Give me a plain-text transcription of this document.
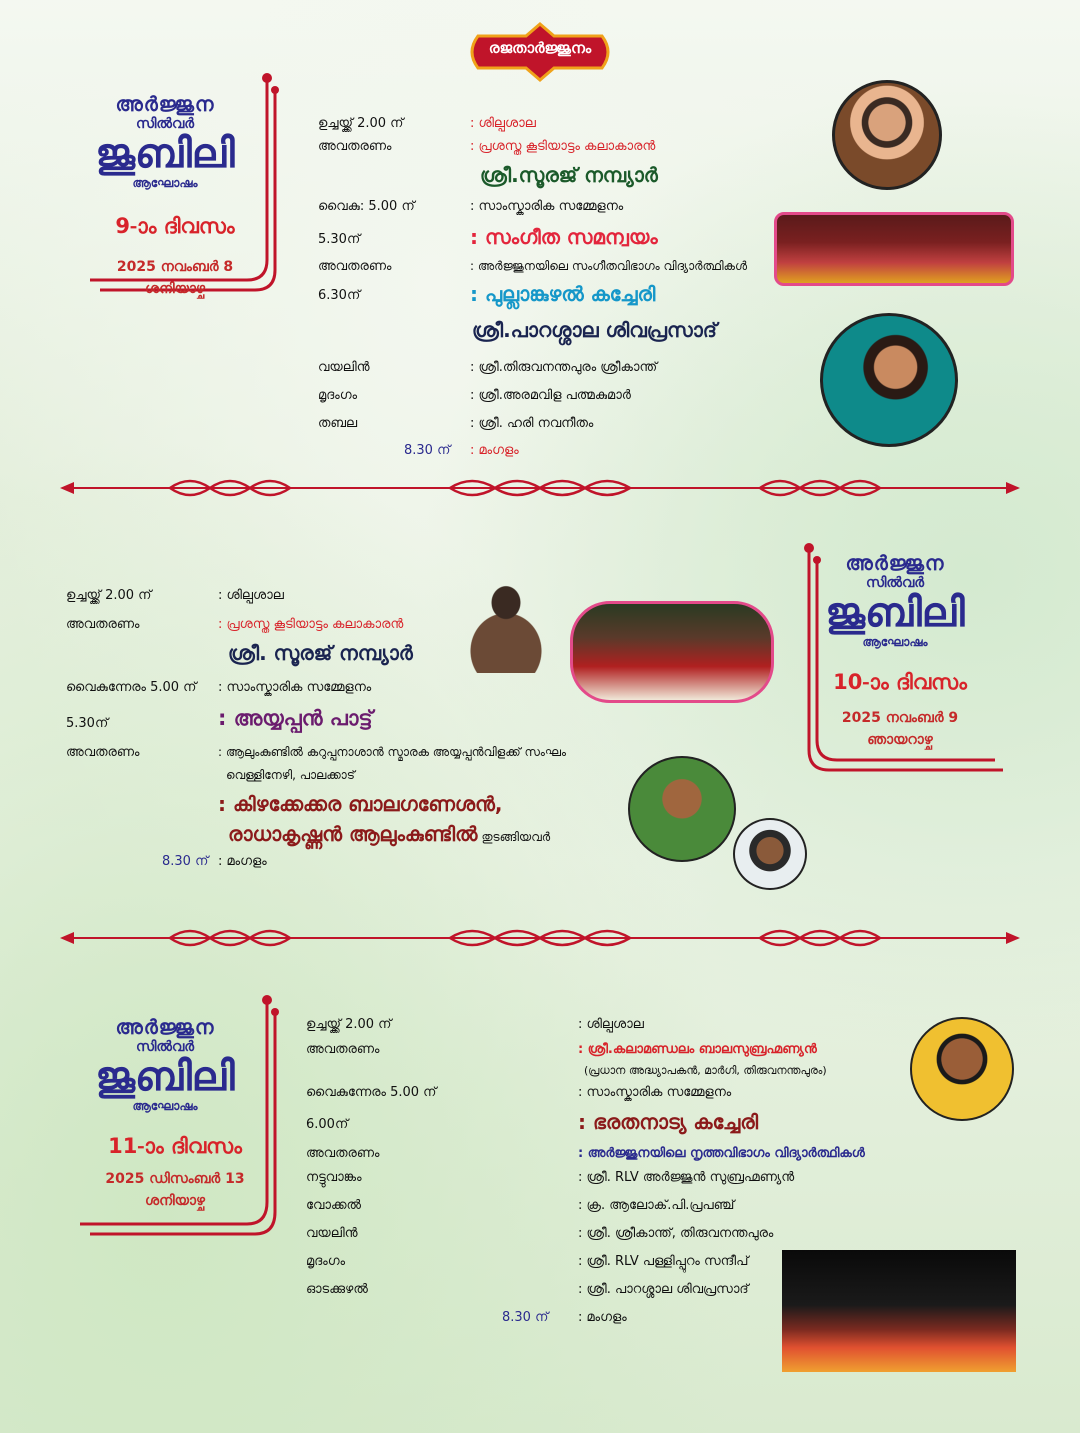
രജതാർജ്ജുനം
അർജ്ജുന
സിൽവർ
ജൂബിലി
ആഘോഷം
9-ാം ദിവസം
2025 നവംബർ 8
ശനിയാഴ്ച
ഉച്ചയ്ക്ക് 2.00 ന്	: ശില്പശാല
അവതരണം	: പ്രശസ്ത കൂടിയാട്ടം കലാകാരൻ
ശ്രീ.സൂരജ് നമ്പ്യാർ
വൈകു: 5.00 ന്	: സാംസ്കാരിക സമ്മേളനം
5.30ന്	: സംഗീത സമന്വയം
അവതരണം	: അർജ്ജുനയിലെ സംഗീതവിഭാഗം വിദ്യാർത്ഥികൾ
6.30ന്	: പുല്ലാങ്കുഴൽ കച്ചേരി
ശ്രീ.പാറശ്ശാല ശിവപ്രസാദ്
വയലിൻ	: ശ്രീ.തിരുവനന്തപുരം ശ്രീകാന്ത്
മൃദംഗം	: ശ്രീ.അരമവിള പത്മകുമാർ
തബല	: ശ്രീ. ഹരി നവനീതം
8.30 ന് : മംഗളം
അർജ്ജുന
സിൽവർ
ജൂബിലി
ആഘോഷം
10-ാം ദിവസം
2025 നവംബർ 9
ഞായറാഴ്ച
ഉച്ചയ്ക്ക് 2.00 ന്	: ശില്പശാല
അവതരണം	: പ്രശസ്ത കൂടിയാട്ടം കലാകാരൻ
ശ്രീ. സൂരജ് നമ്പ്യാർ
വൈകുന്നേരം 5.00 ന് : സാംസ്കാരിക സമ്മേളനം
5.30ന്	: അയ്യപ്പൻ പാട്ട്
അവതരണം	: ആലുംകുണ്ടിൽ കറുപ്പനാശാൻ സ്മാരക അയ്യപ്പൻവിളക്ക് സംഘം
വെള്ളിനേഴി, പാലക്കാട്
: കിഴക്കേക്കര ബാലഗണേശൻ,
രാധാകൃഷ്ണൻ ആലുംകുണ്ടിൽ തുടങ്ങിയവർ
8.30 ന് : മംഗളം
അർജ്ജുന
സിൽവർ
ജൂബിലി
ആഘോഷം
11-ാം ദിവസം
2025 ഡിസംബർ 13
ശനിയാഴ്ച
ഉച്ചയ്ക്ക് 2.00 ന്	: ശില്പശാല
അവതരണം	: ശ്രീ.കലാമണ്ഡലം ബാലസുബ്രഹ്മണ്യൻ
(പ്രധാന അദ്ധ്യാപകൻ, മാർഗി, തിരുവനന്തപുരം)
വൈകുന്നേരം 5.00 ന്	: സാംസ്കാരിക സമ്മേളനം
6.00ന്	: ഭരതനാട്യ കച്ചേരി
അവതരണം	: അർജ്ജുനയിലെ നൃത്തവിഭാഗം വിദ്യാർത്ഥികൾ
നട്ടുവാങ്കം	: ശ്രീ. RLV അർജ്ജുൻ സുബ്രഹ്മണ്യൻ
വോക്കൽ	: ക്ര. ആലോക്.പി.പ്രപഞ്ച്
വയലിൻ	: ശ്രീ. ശ്രീകാന്ത്, തിരുവനന്തപുരം
മൃദംഗം	: ശ്രീ. RLV പള്ളിപ്പുറം സന്ദീപ്
ഓടക്കുഴൽ	: ശ്രീ. പാറശ്ശാല ശിവപ്രസാദ്
8.30 ന് : മംഗളം
